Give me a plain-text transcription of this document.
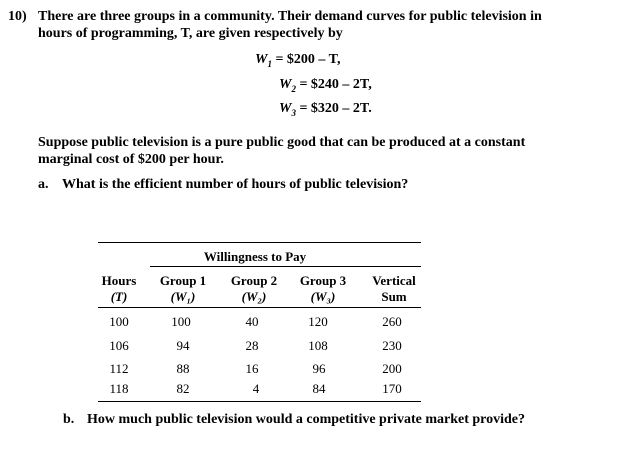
10) There are three groups in a community. Their demand curves for public television in
hours of programming, T, are given respectively by
$W_1$ = $200 – T,
$W_2$ = $240 – 2T,
$W_3$ = $320 – 2T.
Suppose public television is a pure public good that can be produced at a constant
marginal cost of $200 per hour.
a. What is the efficient number of hours of public television?
Willingness to Pay
Hours
(T)
Group 1
(W₁)
Group 2
(W₂)
Group 3
(W₃)
Vertical
Sum
100	100	40	120	260
106	94	28	108	230
112	88	16	96	200
118	82	4	84	170
b. How much public television would a competitive private market provide?
